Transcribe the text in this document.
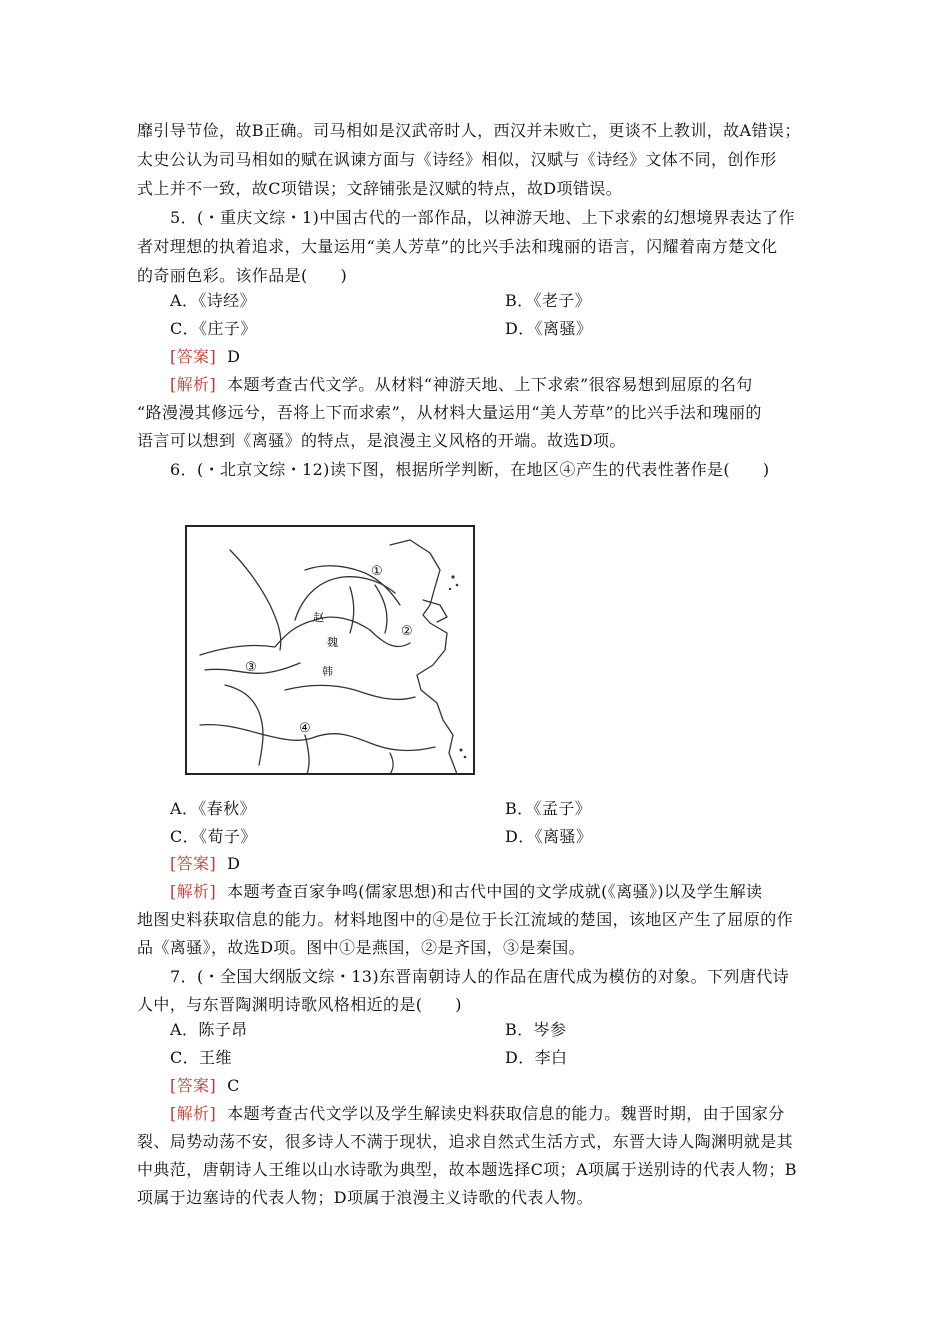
靡引导节俭，故B正确。司马相如是汉武帝时人，西汉并未败亡，更谈不上教训，故A错误；
太史公认为司马相如的赋在讽谏方面与《诗经》相似，汉赋与《诗经》文体不同，创作形
式上并不一致，故C项错误；文辞铺张是汉赋的特点，故D项错误。
5．(・重庆文综・1)中国古代的一部作品，以神游天地、上下求索的幻想境界表达了作
者对理想的执着追求，大量运用“美人芳草”的比兴手法和瑰丽的语言，闪耀着南方楚文化
的奇丽色彩。该作品是(　　)
A．《诗经》	B．《老子》
C．《庄子》	D．《离骚》
[答案] D
[解析] 本题考查古代文学。从材料“神游天地、上下求索”很容易想到屈原的名句
“路漫漫其修远兮，吾将上下而求索”，从材料大量运用“美人芳草”的比兴手法和瑰丽的
语言可以想到《离骚》的特点，是浪漫主义风格的开端。故选D项。
6．(・北京文综・12)读下图，根据所学判断，在地区④产生的代表性著作是(　　)
①
②
③
④
赵
魏
韩
A．《春秋》	B．《孟子》
C．《荀子》	D．《离骚》
[答案] D
[解析] 本题考查百家争鸣(儒家思想)和古代中国的文学成就(《离骚》)以及学生解读
地图史料获取信息的能力。材料地图中的④是位于长江流域的楚国，该地区产生了屈原的作
品《离骚》，故选D项。图中①是燕国，②是齐国，③是秦国。
7．(・全国大纲版文综・13)东晋南朝诗人的作品在唐代成为模仿的对象。下列唐代诗
人中，与东晋陶渊明诗歌风格相近的是(　　)
A．陈子昂	B．岑参
C．王维	D．李白
[答案] C
[解析] 本题考查古代文学以及学生解读史料获取信息的能力。魏晋时期，由于国家分
裂、局势动荡不安，很多诗人不满于现状，追求自然式生活方式，东晋大诗人陶渊明就是其
中典范，唐朝诗人王维以山水诗歌为典型，故本题选择C项；A项属于送别诗的代表人物；B
项属于边塞诗的代表人物；D项属于浪漫主义诗歌的代表人物。
